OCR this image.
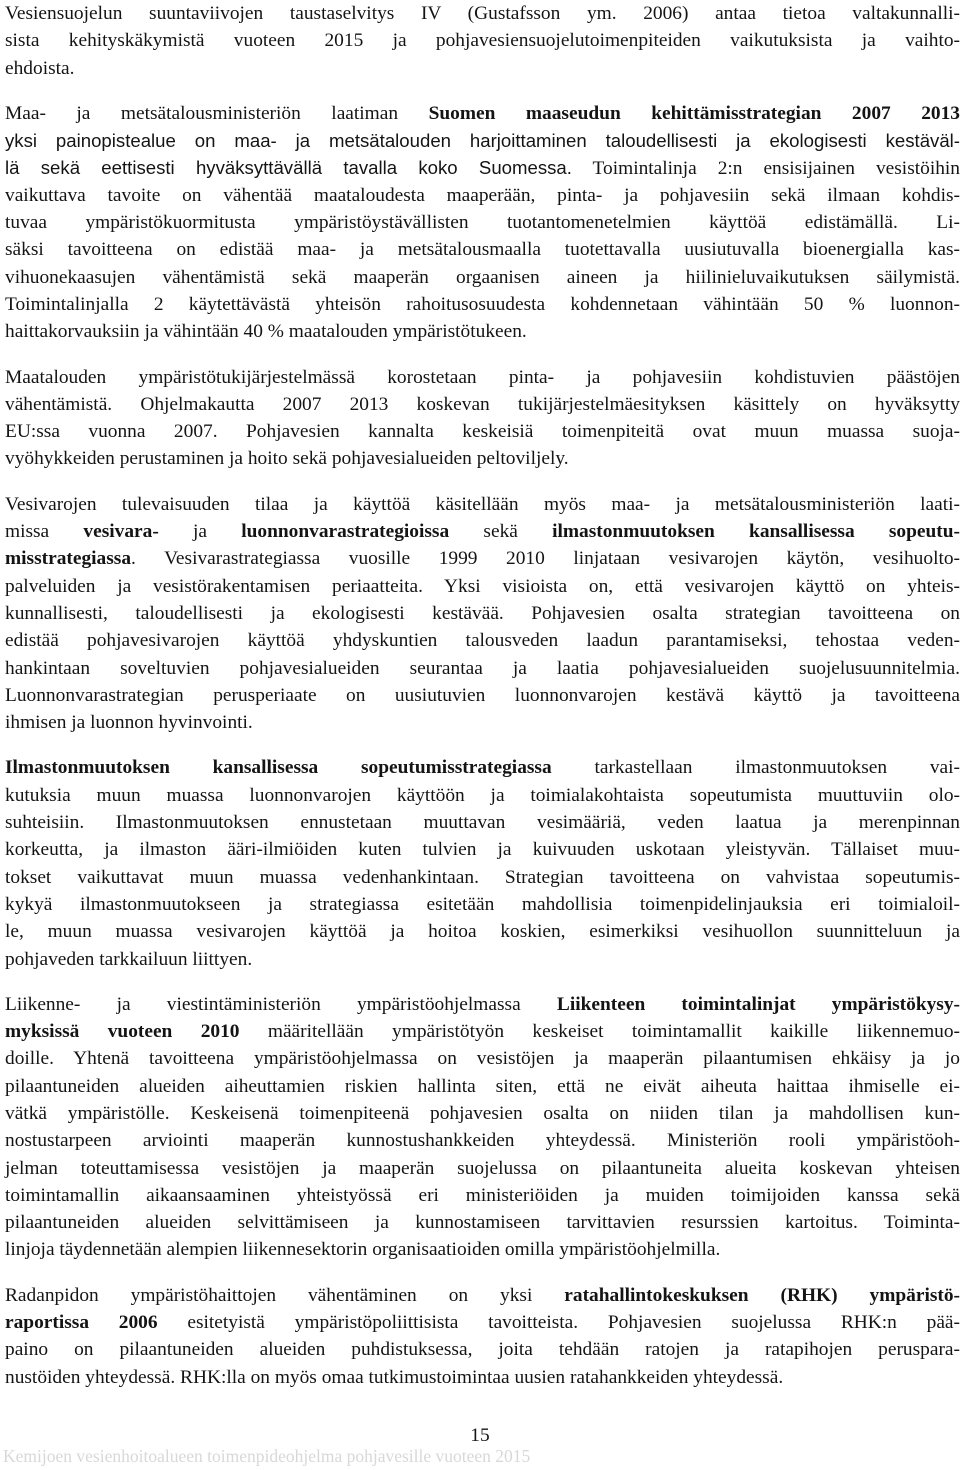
Vesiensuojelun suuntaviivojen taustaselvitys IV (Gustafsson ym. 2006) antaa tietoa valtakunnalli-
sista kehityskäkymistä vuoteen 2015 ja pohjavesiensuojelutoimenpiteiden vaikutuksista ja vaihto-
ehdoista.
Maa- ja metsätalousministeriön laatiman Suomen maaseudun kehittämisstrategian 2007 2013
yksi painopistealue on maa- ja metsätalouden harjoittaminen taloudellisesti ja ekologisesti kestäväl-
lä sekä eettisesti hyväksyttävällä tavalla koko Suomessa. Toimintalinja 2:n ensisijainen vesistöihin
vaikuttava tavoite on vähentää maataloudesta maaperään, pinta- ja pohjavesiin sekä ilmaan kohdis-
tuvaa ympäristökuormitusta ympäristöystävällisten tuotantomenetelmien käyttöä edistämällä. Li-
säksi tavoitteena on edistää maa- ja metsätalousmaalla tuotettavalla uusiutuvalla bioenergialla kas-
vihuonekaasujen vähentämistä sekä maaperän orgaanisen aineen ja hiilinieluvaikutuksen säilymistä.
Toimintalinjalla 2 käytettävästä yhteisön rahoitusosuudesta kohdennetaan vähintään 50 % luonnon-
haittakorvauksiin ja vähintään 40 % maatalouden ympäristötukeen.
Maatalouden ympäristötukijärjestelmässä korostetaan pinta- ja pohjavesiin kohdistuvien päästöjen
vähentämistä. Ohjelmakautta 2007 2013 koskevan tukijärjestelmäesityksen käsittely on hyväksytty
EU:ssa vuonna 2007. Pohjavesien kannalta keskeisiä toimenpiteitä ovat muun muassa suoja-
vyöhykkeiden perustaminen ja hoito sekä pohjavesialueiden peltoviljely.
Vesivarojen tulevaisuuden tilaa ja käyttöä käsitellään myös maa- ja metsätalousministeriön laati-
missa vesivara- ja luonnonvarastrategioissa sekä ilmastonmuutoksen kansallisessa sopeutu-
misstrategiassa. Vesivarastrategiassa vuosille 1999 2010 linjataan vesivarojen käytön, vesihuolto-
palveluiden ja vesistörakentamisen periaatteita. Yksi visioista on, että vesivarojen käyttö on yhteis-
kunnallisesti, taloudellisesti ja ekologisesti kestävää. Pohjavesien osalta strategian tavoitteena on
edistää pohjavesivarojen käyttöä yhdyskuntien talousveden laadun parantamiseksi, tehostaa veden-
hankintaan soveltuvien pohjavesialueiden seurantaa ja laatia pohjavesialueiden suojelusuunnitelmia.
Luonnonvarastrategian perusperiaate on uusiutuvien luonnonvarojen kestävä käyttö ja tavoitteena
ihmisen ja luonnon hyvinvointi.
Ilmastonmuutoksen kansallisessa sopeutumisstrategiassa tarkastellaan ilmastonmuutoksen vai-
kutuksia muun muassa luonnonvarojen käyttöön ja toimialakohtaista sopeutumista muuttuviin olo-
suhteisiin. Ilmastonmuutoksen ennustetaan muuttavan vesimääriä, veden laatua ja merenpinnan
korkeutta, ja ilmaston ääri-ilmiöiden kuten tulvien ja kuivuuden uskotaan yleistyvän. Tällaiset muu-
tokset vaikuttavat muun muassa vedenhankintaan. Strategian tavoitteena on vahvistaa sopeutumis-
kykyä ilmastonmuutokseen ja strategiassa esitetään mahdollisia toimenpidelinjauksia eri toimialoil-
le, muun muassa vesivarojen käyttöä ja hoitoa koskien, esimerkiksi vesihuollon suunnitteluun ja
pohjaveden tarkkailuun liittyen.
Liikenne- ja viestintäministeriön ympäristöohjelmassa Liikenteen toimintalinjat ympäristökysy-
myksissä vuoteen 2010 määritellään ympäristötyön keskeiset toimintamallit kaikille liikennemuo-
doille. Yhtenä tavoitteena ympäristöohjelmassa on vesistöjen ja maaperän pilaantumisen ehkäisy ja jo
pilaantuneiden alueiden aiheuttamien riskien hallinta siten, että ne eivät aiheuta haittaa ihmiselle ei-
vätkä ympäristölle. Keskeisenä toimenpiteenä pohjavesien osalta on niiden tilan ja mahdollisen kun-
nostustarpeen arviointi maaperän kunnostushankkeiden yhteydessä. Ministeriön rooli ympäristöoh-
jelman toteuttamisessa vesistöjen ja maaperän suojelussa on pilaantuneita alueita koskevan yhteisen
toimintamallin aikaansaaminen yhteistyössä eri ministeriöiden ja muiden toimijoiden kanssa sekä
pilaantuneiden alueiden selvittämiseen ja kunnostamiseen tarvittavien resurssien kartoitus. Toiminta-
linjoja täydennetään alempien liikennesektorin organisaatioiden omilla ympäristöohjelmilla.
Radanpidon ympäristöhaittojen vähentäminen on yksi ratahallintokeskuksen (RHK) ympäristö-
raportissa 2006 esitetyistä ympäristöpoliittisista tavoitteista. Pohjavesien suojelussa RHK:n pää-
paino on pilaantuneiden alueiden puhdistuksessa, joita tehdään ratojen ja ratapihojen peruspara-
nustöiden yhteydessä. RHK:lla on myös omaa tutkimustoimintaa uusien ratahankkeiden yhteydessä.
15
Kemijoen vesienhoitoalueen toimenpideohjelma pohjavesille vuoteen 2015
